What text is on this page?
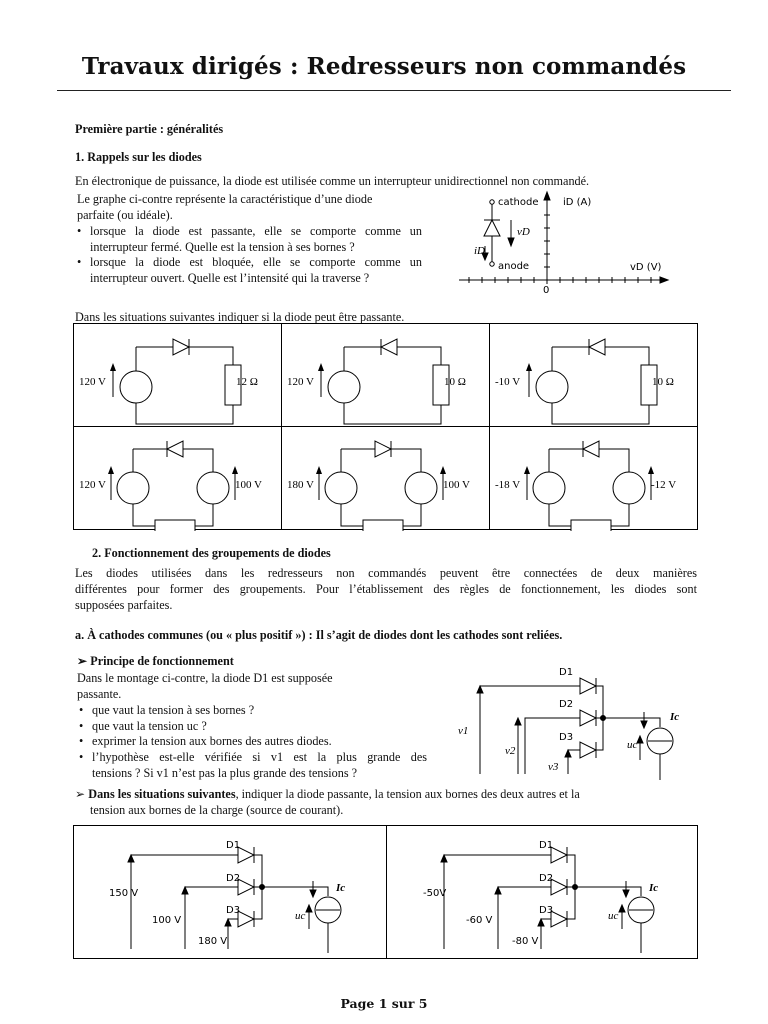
Travaux dirigés : Redresseurs non commandés
Première partie : généralités
1. Rappels sur les diodes
En électronique de puissance, la diode est utilisée comme un interrupteur unidirectionnel non commandé.
Le graphe ci-contre représente la caractéristique d’une diode
parfaite (ou idéale).
• lorsque la diode est passante, elle se comporte comme un
interrupteur fermé. Quelle est la tension à ses bornes ?
• lorsque la diode est bloquée, elle se comporte comme un
interrupteur ouvert. Quelle est l’intensité qui la traverse ?
cathode iD (A)
vD
iD
anode	vD (V)
0
Dans les situations suivantes indiquer si la diode peut être passante.
120 V	12 Ω	120 V	10 Ω	-10 V	10 Ω
120 V	100 V 180 V	100 V -18 V	-12 V
2. Fonctionnement des groupements de diodes
Les diodes utilisées dans les redresseurs non commandés peuvent être connectées de deux manières
différentes pour former des groupements. Pour l’établissement des règles de fonctionnement, les diodes sont
supposées parfaites.
a. À cathodes communes (ou « plus positif ») : Il s’agit de diodes dont les cathodes sont reliées.
➢ Principe de fonctionnement
Dans le montage ci-contre, la diode D1 est supposée
passante.
• que vaut la tension à ses bornes ?
• que vaut la tension uc ?
• exprimer la tension aux bornes des autres diodes.
• l’hypothèse est-elle vérifiée si v1 est la plus grande des
tensions ? Si v1 n’est pas la plus grande des tensions ?
D1
D2
D3
Ic
uc
v1
v2
v3
➢ Dans les situations suivantes, indiquer la diode passante, la tension aux bornes des deux autres et la
tension aux bornes de la charge (source de courant).
D1
D2
D3
Ic
uc
150 V
100 V
180 V
D1
D2
D3
Ic
uc
-50V
-60 V
-80 V
Page 1 sur 5
